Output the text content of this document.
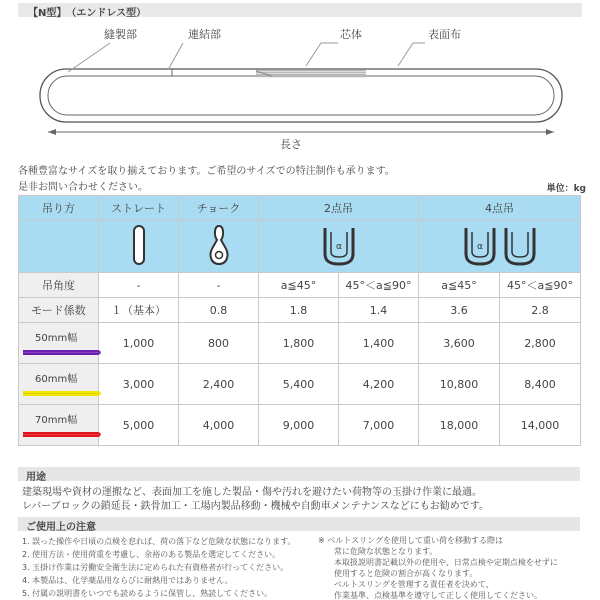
【N型】　（エンドレス型）
縫製部	連結部	芯体	表面布
長さ
各種豊富なサイズを取り揃えております。ご希望のサイズでの特注制作も承ります。
是非お問い合わせください。	単位：kg
吊り方	ストレート	チョーク	2点吊		4点吊	

α		α	

吊角度	-	-	a≦45°	45°＜a≦90°	a≦45°	45°＜a≦90°
モード係数	１（基本）	0.8	1.8	1.4	3.6	2.8

50mm幅	1,000	800	1,800	1,400	3,600	2,800

60mm幅	3,000	2,400	5,400	4,200	10,800	8,400

70mm幅	5,000	4,000	9,000	7,000	18,000	14,000
用途
建築現場や資材の運搬など、表面加工を施した製品・傷や汚れを避けたい荷物等の玉掛け作業に最適。
レバーブロックの鎖延長・鉄骨加工・工場内製品移動・機械や自動車メンテナンスなどにもお勧めです。
ご使用上の注意
1. 誤った操作や日頃の点検を怠れば、荷の落下など危険な状態になります。
2. 使用方法・使用荷重を考慮し、余裕のある製品を選定してください。
3. 玉掛け作業は労働安全衛生法に定められた有資格者が行ってください。
4. 本製品は、化学薬品用ならびに耐熱用ではありません。
5. 付属の説明書をいつでも読めるように保管し、熟読してください。
※ ベルトスリングを使用して重い荷を移動する際は
　　常に危険な状態となります。
　　本取扱説明書記載以外の使用や、日常点検や定期点検をせずに
　　使用すると危険の割合が高くなります。
　　ベルトスリングを管理する責任者を決めて、
　　作業基準、点検基準を遵守して正しく使用してください。
